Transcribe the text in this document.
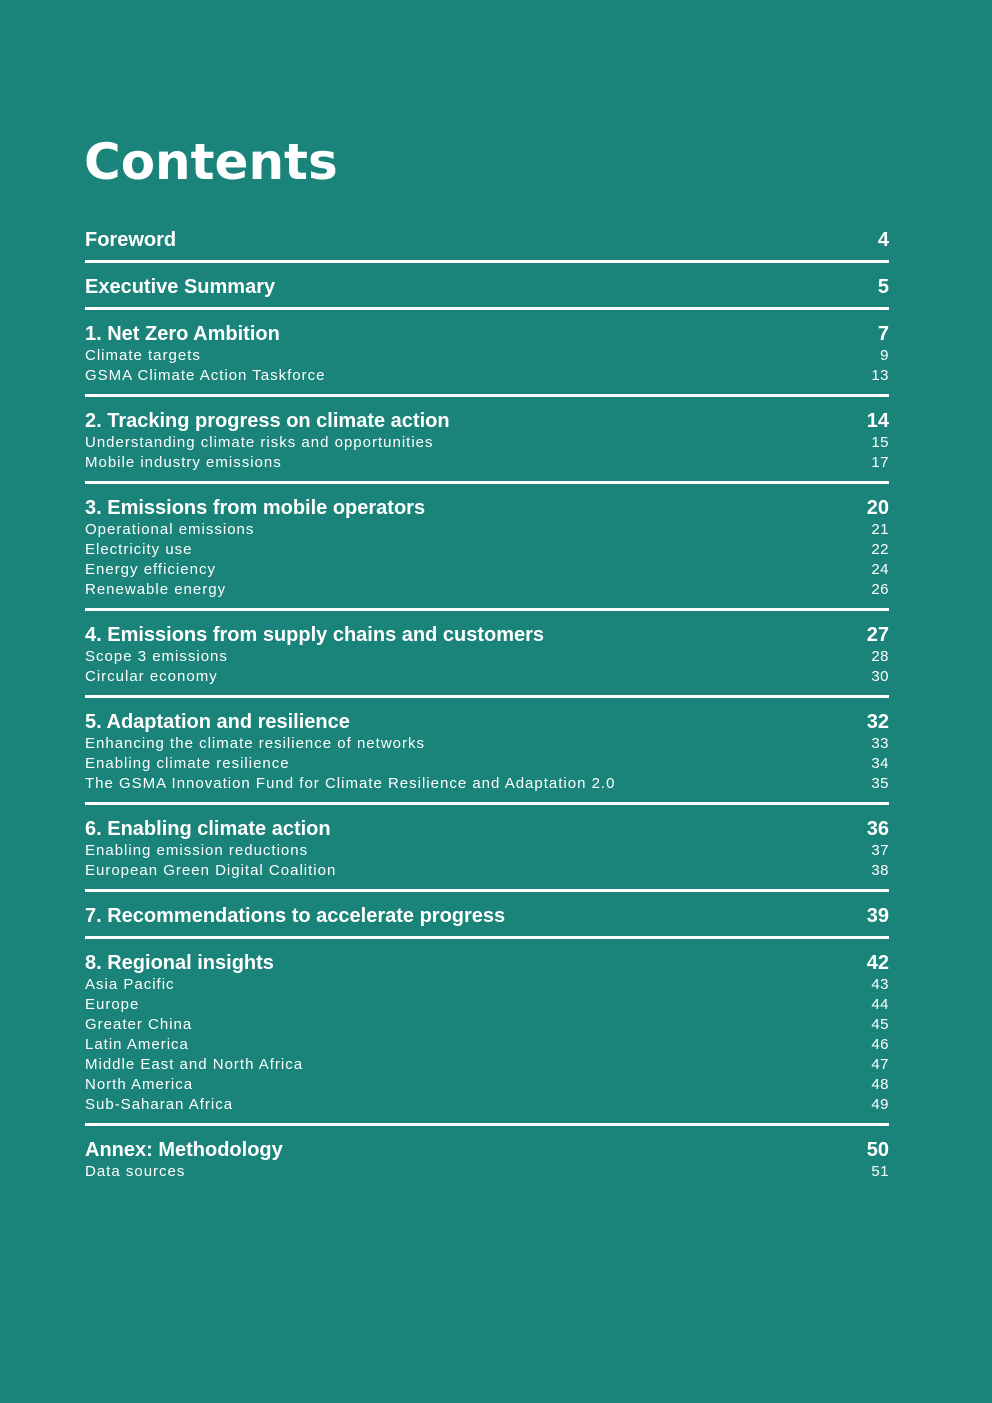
Contents
Foreword	4
Executive Summary	5
1. Net Zero Ambition	7
Climate targets	9
GSMA Climate Action Taskforce	13
2. Tracking progress on climate action	14
Understanding climate risks and opportunities	15
Mobile industry emissions	17
3. Emissions from mobile operators	20
Operational emissions	21
Electricity use	22
Energy efficiency	24
Renewable energy	26
4. Emissions from supply chains and customers	27
Scope 3 emissions	28
Circular economy	30
5. Adaptation and resilience	32
Enhancing the climate resilience of networks	33
Enabling climate resilience	34
The GSMA Innovation Fund for Climate Resilience and Adaptation 2.0	35
6. Enabling climate action	36
Enabling emission reductions	37
European Green Digital Coalition	38
7. Recommendations to accelerate progress	39
8. Regional insights	42
Asia Pacific	43
Europe	44
Greater China	45
Latin America	46
Middle East and North Africa	47
North America	48
Sub-Saharan Africa	49
Annex: Methodology	50
Data sources	51
